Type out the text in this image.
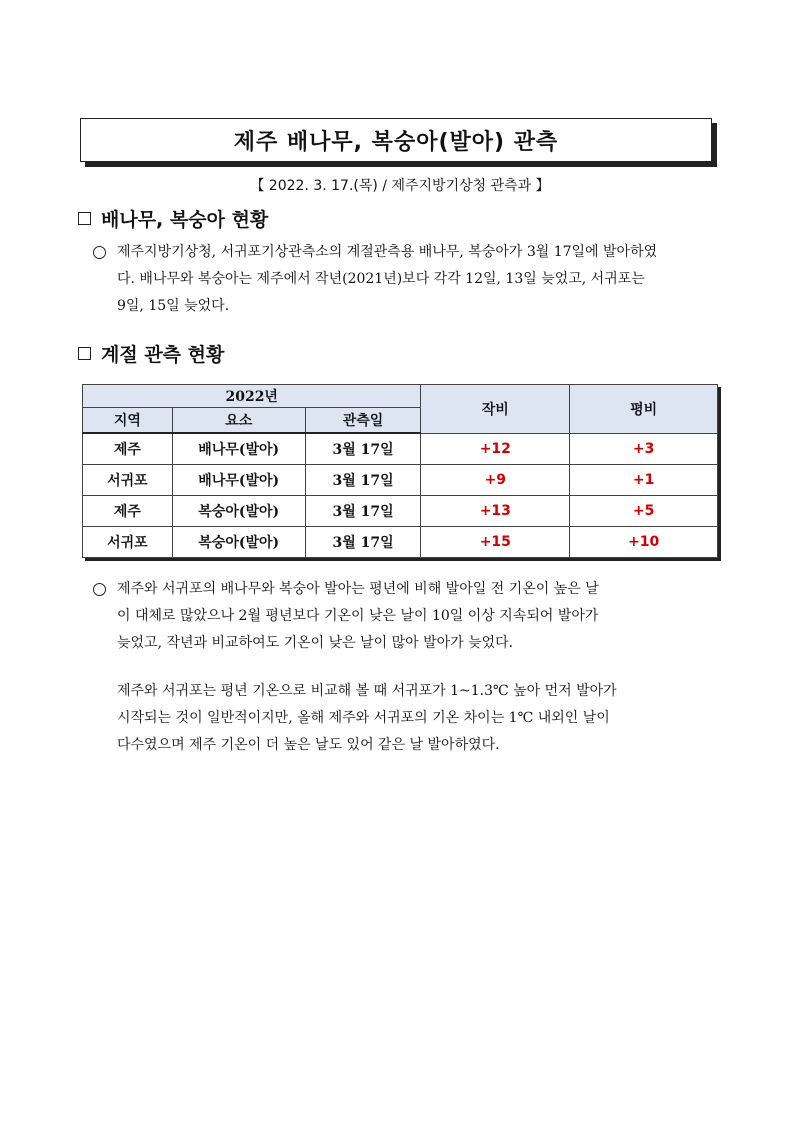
제주 배나무, 복숭아(발아) 관측
【 2022. 3. 17.(목) / 제주지방기상청 관측과 】
배나무, 복숭아 현황
제주지방기상청, 서귀포기상관측소의 계절관측용 배나무, 복숭아가 3월 17일에 발아하였
다. 배나무와 복숭아는 제주에서 작년(2021년)보다 각각 12일, 13일 늦었고, 서귀포는
9일, 15일 늦었다.
계절 관측 현황
2022년			작비	평비
지역	요소	관측일		
제주	배나무(발아)	3월 17일	+12	+3
서귀포	배나무(발아)	3월 17일	+9	+1
제주	복숭아(발아)	3월 17일	+13	+5
서귀포	복숭아(발아)	3월 17일	+15	+10
제주와 서귀포의 배나무와 복숭아 발아는 평년에 비해 발아일 전 기온이 높은 날
이 대체로 많았으나 2월 평년보다 기온이 낮은 날이 10일 이상 지속되어 발아가
늦었고, 작년과 비교하여도 기온이 낮은 날이 많아 발아가 늦었다.
제주와 서귀포는 평년 기온으로 비교해 볼 때 서귀포가 1~1.3℃ 높아 먼저 발아가
시작되는 것이 일반적이지만, 올해 제주와 서귀포의 기온 차이는 1℃ 내외인 날이
다수였으며 제주 기온이 더 높은 날도 있어 같은 날 발아하였다.
